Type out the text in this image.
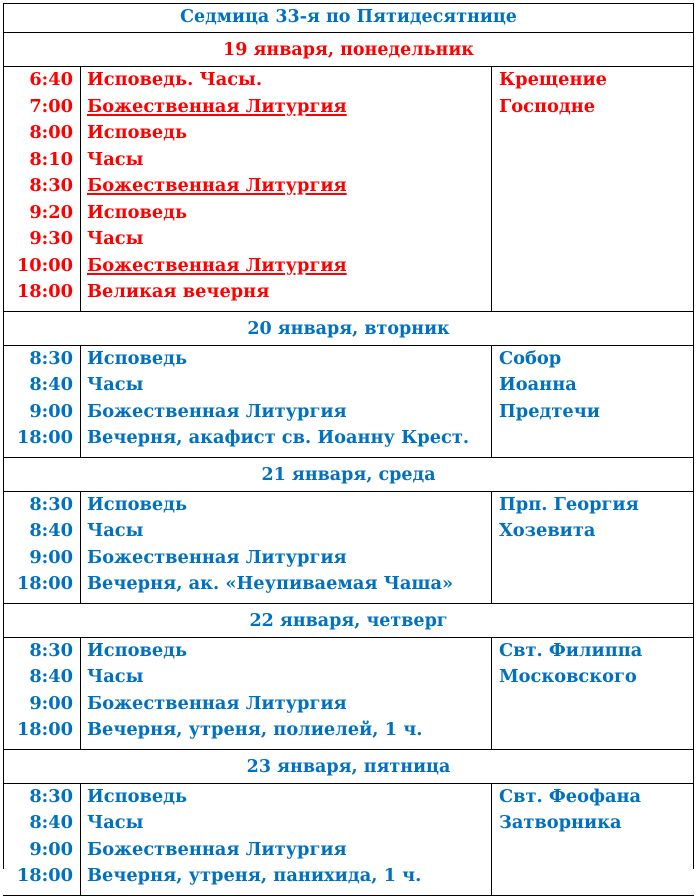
Седмица 33-я по Пятидесятнице
19 января, понедельник
6:40 Исповедь. Часы.
7:00 Божественная Литургия
8:00 Исповедь
8:10 Часы
8:30 Божественная Литургия
9:20 Исповедь
9:30 Часы
10:00 Божественная Литургия
18:00 Великая вечерня
Крещение
Господне
20 января, вторник
8:30 Исповедь
8:40 Часы
9:00 Божественная Литургия
18:00 Вечерня, акафист св. Иоанну Крест.
Собор
Иоанна
Предтечи
21 января, среда
8:30 Исповедь
8:40 Часы
9:00 Божественная Литургия
18:00 Вечерня, ак. «Неупиваемая Чаша»
Прп. Георгия
Хозевита
22 января, четверг
8:30 Исповедь
8:40 Часы
9:00 Божественная Литургия
18:00 Вечерня, утреня, полиелей, 1 ч.
Свт. Филиппа
Московского
23 января, пятница
8:30 Исповедь
8:40 Часы
9:00 Божественная Литургия
18:00 Вечерня, утреня, панихида, 1 ч.
Свт. Феофана
Затворника
